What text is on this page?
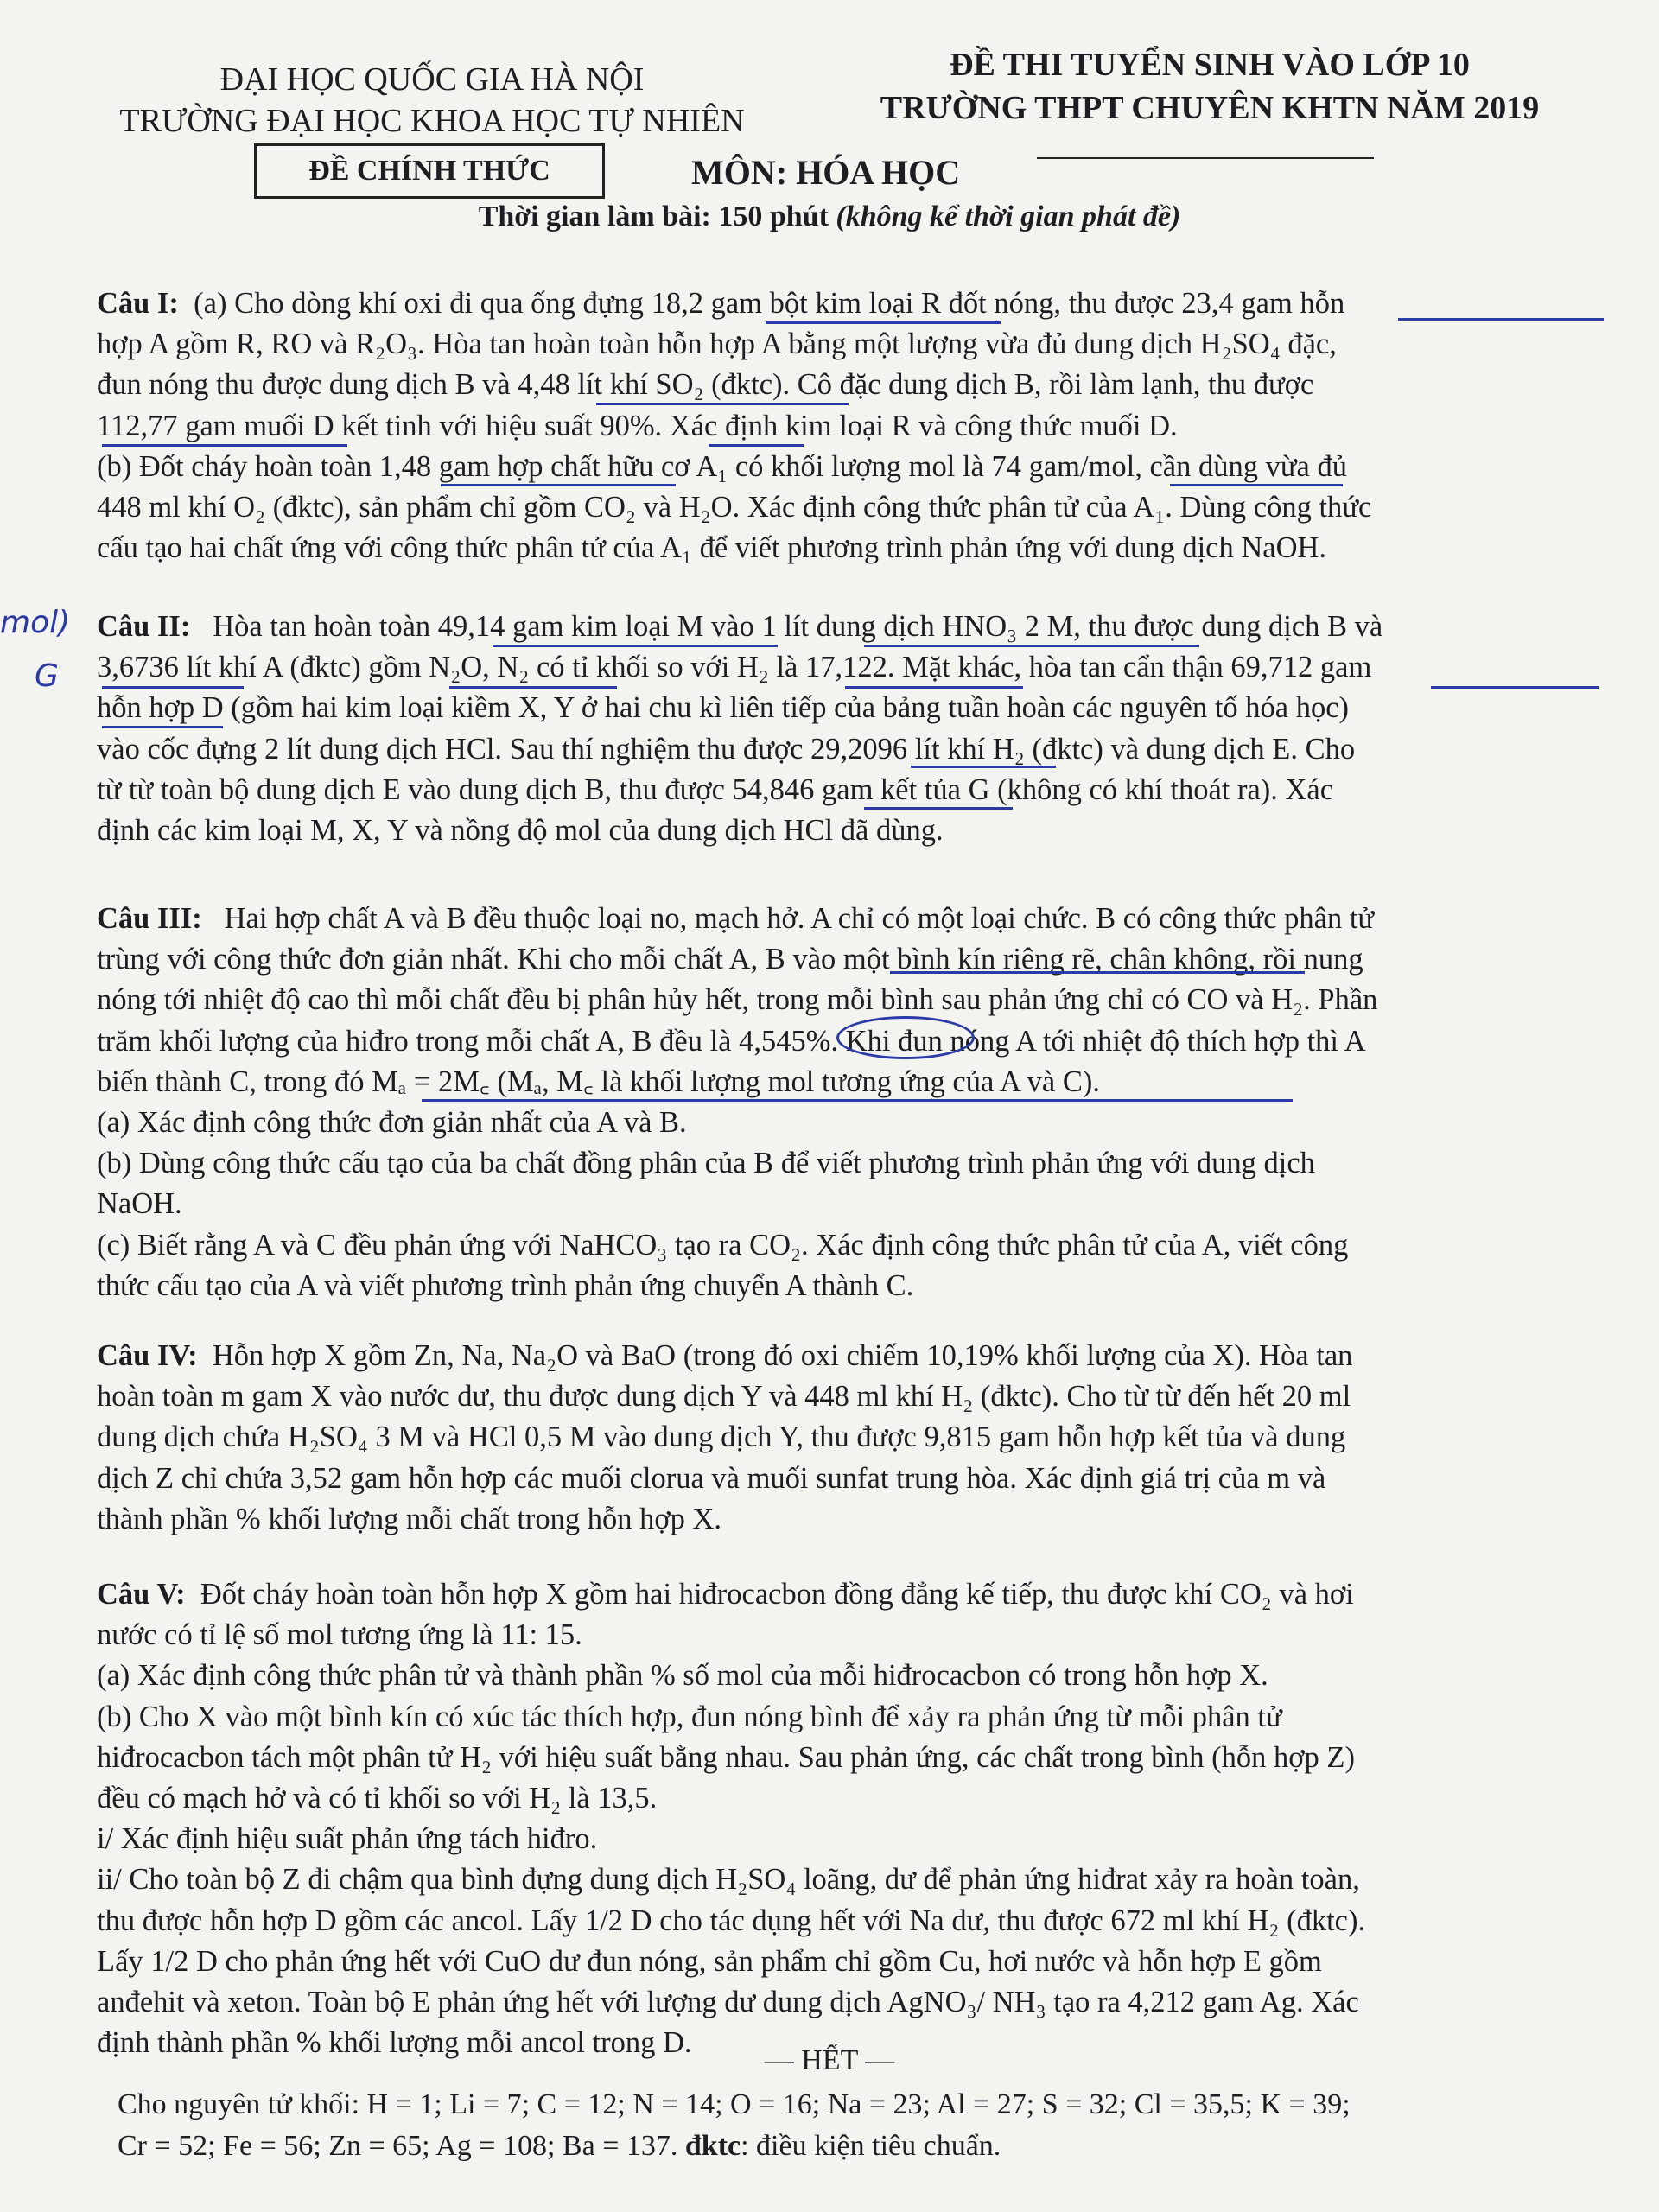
ĐẠI HỌC QUỐC GIA HÀ NỘI
TRƯỜNG ĐẠI HỌC KHOA HỌC TỰ NHIÊN
ĐỀ THI TUYỂN SINH VÀO LỚP 10
TRƯỜNG THPT CHUYÊN KHTN NĂM 2019
ĐỀ CHÍNH THỨC	MÔN: HÓA HỌC
Thời gian làm bài: 150 phút (không kể thời gian phát đề)

Câu I: (a) Cho dòng khí oxi đi qua ống đựng 18,2 gam bột kim loại R đốt nóng, thu được 23,4 gam hỗn

hợp A gồm R, RO và R₂O₃. Hòa tan hoàn toàn hỗn hợp A bằng một lượng vừa đủ dung dịch H₂SO₄ đặc,

đun nóng thu được dung dịch B và 4,48 lít khí SO₂ (đktc). Cô đặc dung dịch B, rồi làm lạnh, thu được

112,77 gam muối D kết tinh với hiệu suất 90%. Xác định kim loại R và công thức muối D.

(b) Đốt cháy hoàn toàn 1,48 gam hợp chất hữu cơ A₁ có khối lượng mol là 74 gam/mol, cần dùng vừa đủ

448 ml khí O₂ (đktc), sản phẩm chỉ gồm CO₂ và H₂O. Xác định công thức phân tử của A₁. Dùng công thức

cấu tạo hai chất ứng với công thức phân tử của A₁ để viết phương trình phản ứng với dung dịch NaOH.

Câu II: Hòa tan hoàn toàn 49,14 gam kim loại M vào 1 lít dung dịch HNO₃ 2 M, thu được dung dịch B và

3,6736 lít khí A (đktc) gồm N₂O, N₂ có tỉ khối so với H₂ là 17,122. Mặt khác, hòa tan cẩn thận 69,712 gam

hỗn hợp D (gồm hai kim loại kiềm X, Y ở hai chu kì liên tiếp của bảng tuần hoàn các nguyên tố hóa học)

vào cốc đựng 2 lít dung dịch HCl. Sau thí nghiệm thu được 29,2096 lít khí H₂ (đktc) và dung dịch E. Cho

từ từ toàn bộ dung dịch E vào dung dịch B, thu được 54,846 gam kết tủa G (không có khí thoát ra). Xác

định các kim loại M, X, Y và nồng độ mol của dung dịch HCl đã dùng.

Câu III: Hai hợp chất A và B đều thuộc loại no, mạch hở. A chỉ có một loại chức. B có công thức phân tử

trùng với công thức đơn giản nhất. Khi cho mỗi chất A, B vào một bình kín riêng rẽ, chân không, rồi nung

nóng tới nhiệt độ cao thì mỗi chất đều bị phân hủy hết, trong mỗi bình sau phản ứng chỉ có CO và H₂. Phần

trăm khối lượng của hiđro trong mỗi chất A, B đều là 4,545%. Khi đun nóng A tới nhiệt độ thích hợp thì A

biến thành C, trong đó Mₐ = 2M꜀ (Mₐ, M꜀ là khối lượng mol tương ứng của A và C).

(a) Xác định công thức đơn giản nhất của A và B.

(b) Dùng công thức cấu tạo của ba chất đồng phân của B để viết phương trình phản ứng với dung dịch

NaOH.

(c) Biết rằng A và C đều phản ứng với NaHCO₃ tạo ra CO₂. Xác định công thức phân tử của A, viết công

thức cấu tạo của A và viết phương trình phản ứng chuyển A thành C.

Câu IV: Hỗn hợp X gồm Zn, Na, Na₂O và BaO (trong đó oxi chiếm 10,19% khối lượng của X). Hòa tan

hoàn toàn m gam X vào nước dư, thu được dung dịch Y và 448 ml khí H₂ (đktc). Cho từ từ đến hết 20 ml

dung dịch chứa H₂SO₄ 3 M và HCl 0,5 M vào dung dịch Y, thu được 9,815 gam hỗn hợp kết tủa và dung

dịch Z chỉ chứa 3,52 gam hỗn hợp các muối clorua và muối sunfat trung hòa. Xác định giá trị của m và

thành phần % khối lượng mỗi chất trong hỗn hợp X.

Câu V: Đốt cháy hoàn toàn hỗn hợp X gồm hai hiđrocacbon đồng đẳng kế tiếp, thu được khí CO₂ và hơi

nước có tỉ lệ số mol tương ứng là 11: 15.

(a) Xác định công thức phân tử và thành phần % số mol của mỗi hiđrocacbon có trong hỗn hợp X.

(b) Cho X vào một bình kín có xúc tác thích hợp, đun nóng bình để xảy ra phản ứng từ mỗi phân tử

hiđrocacbon tách một phân tử H₂ với hiệu suất bằng nhau. Sau phản ứng, các chất trong bình (hỗn hợp Z)

đều có mạch hở và có tỉ khối so với H₂ là 13,5.

i/ Xác định hiệu suất phản ứng tách hiđro.

ii/ Cho toàn bộ Z đi chậm qua bình đựng dung dịch H₂SO₄ loãng, dư để phản ứng hiđrat xảy ra hoàn toàn,

thu được hỗn hợp D gồm các ancol. Lấy 1/2 D cho tác dụng hết với Na dư, thu được 672 ml khí H₂ (đktc).

Lấy 1/2 D cho phản ứng hết với CuO dư đun nóng, sản phẩm chỉ gồm Cu, hơi nước và hỗn hợp E gồm

anđehit và xeton. Toàn bộ E phản ứng hết với lượng dư dung dịch AgNO₃/ NH₃ tạo ra 4,212 gam Ag. Xác

định thành phần % khối lượng mỗi ancol trong D.

— HẾT —
Cho nguyên tử khối: H = 1; Li = 7; C = 12; N = 14; O = 16; Na = 23; Al = 27; S = 32; Cl = 35,5; K = 39;
Cr = 52; Fe = 56; Zn = 65; Ag = 108; Ba = 137. đktc: điều kiện tiêu chuẩn.
mol)
G
